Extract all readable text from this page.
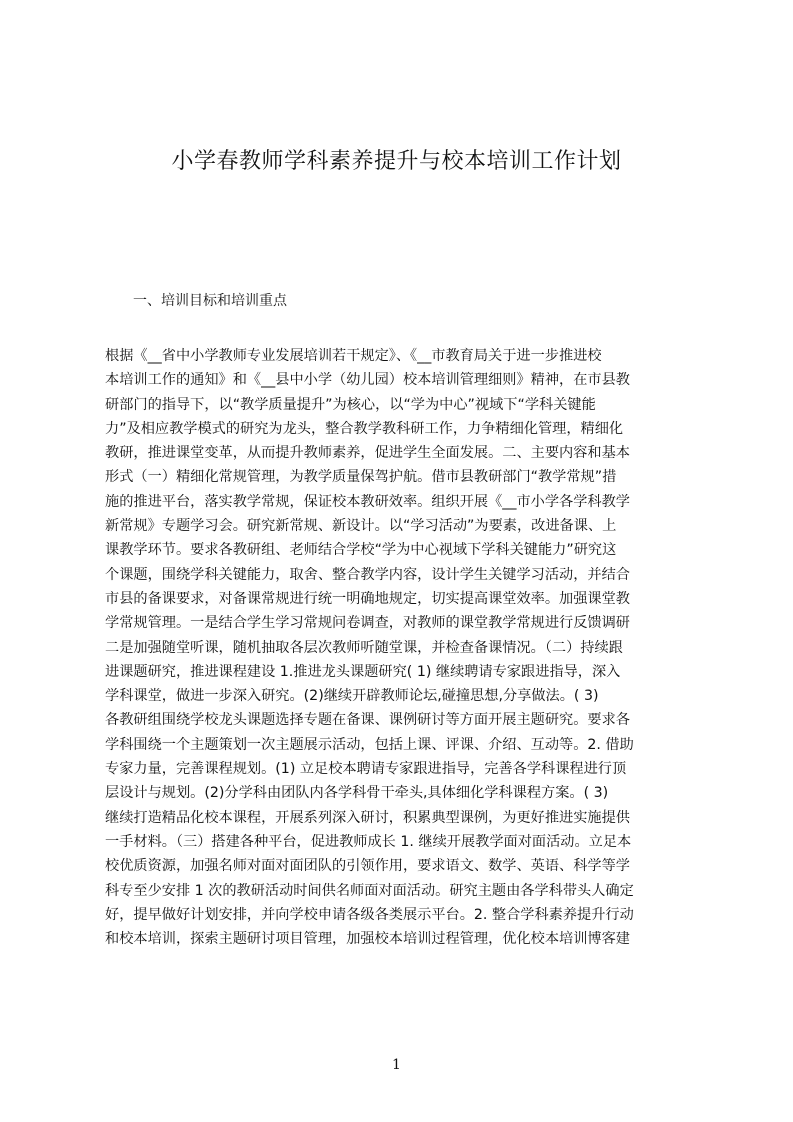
小学春教师学科素养提升与校本培训工作计划
一、培训目标和培训重点
根据《__省中小学教师专业发展培训若干规定》、《__市教育局关于进一步推进校
本培训工作的通知》和《__县中小学（幼儿园）校本培训管理细则》精神，在市县教
研部门的指导下，以“教学质量提升”为核心，以“学为中心”视域下“学科关键能
力”及相应教学模式的研究为龙头，整合教学教科研工作，力争精细化管理，精细化
教研，推进课堂变革，从而提升教师素养，促进学生全面发展。二、主要内容和基本
形式（一）精细化常规管理，为教学质量保驾护航。借市县教研部门“教学常规”措
施的推进平台，落实教学常规，保证校本教研效率。组织开展《__市小学各学科教学
新常规》专题学习会。研究新常规、新设计。以“学习活动”为要素，改进备课、上
课教学环节。要求各教研组、老师结合学校“学为中心视域下学科关键能力”研究这
个课题，围绕学科关键能力，取舍、整合教学内容，设计学生关键学习活动，并结合
市县的备课要求，对备课常规进行统一明确地规定，切实提高课堂效率。加强课堂教
学常规管理。一是结合学生学习常规问卷调查，对教师的课堂教学常规进行反馈调研
二是加强随堂听课，随机抽取各层次教师听随堂课，并检查备课情况。（二）持续跟
进课题研究，推进课程建设 1.推进龙头课题研究( 1) 继续聘请专家跟进指导，深入
学科课堂，做进一步深入研究。(2)继续开辟教师论坛,碰撞思想,分享做法。( 3)
各教研组围绕学校龙头课题选择专题在备课、课例研讨等方面开展主题研究。要求各
学科围绕一个主题策划一次主题展示活动，包括上课、评课、介绍、互动等。2. 借助
专家力量，完善课程规划。(1) 立足校本聘请专家跟进指导，完善各学科课程进行顶
层设计与规划。(2)分学科由团队内各学科骨干牵头,具体细化学科课程方案。( 3)
继续打造精品化校本课程，开展系列深入研讨，积累典型课例，为更好推进实施提供
一手材料。（三）搭建各种平台，促进教师成长 1. 继续开展教学面对面活动。立足本
校优质资源，加强名师对面对面团队的引领作用，要求语文、数学、英语、科学等学
科专至少安排 1 次的教研活动时间供名师面对面活动。研究主题由各学科带头人确定
好，提早做好计划安排，并向学校申请各级各类展示平台。2. 整合学科素养提升行动
和校本培训，探索主题研讨项目管理，加强校本培训过程管理，优化校本培训博客建
1
